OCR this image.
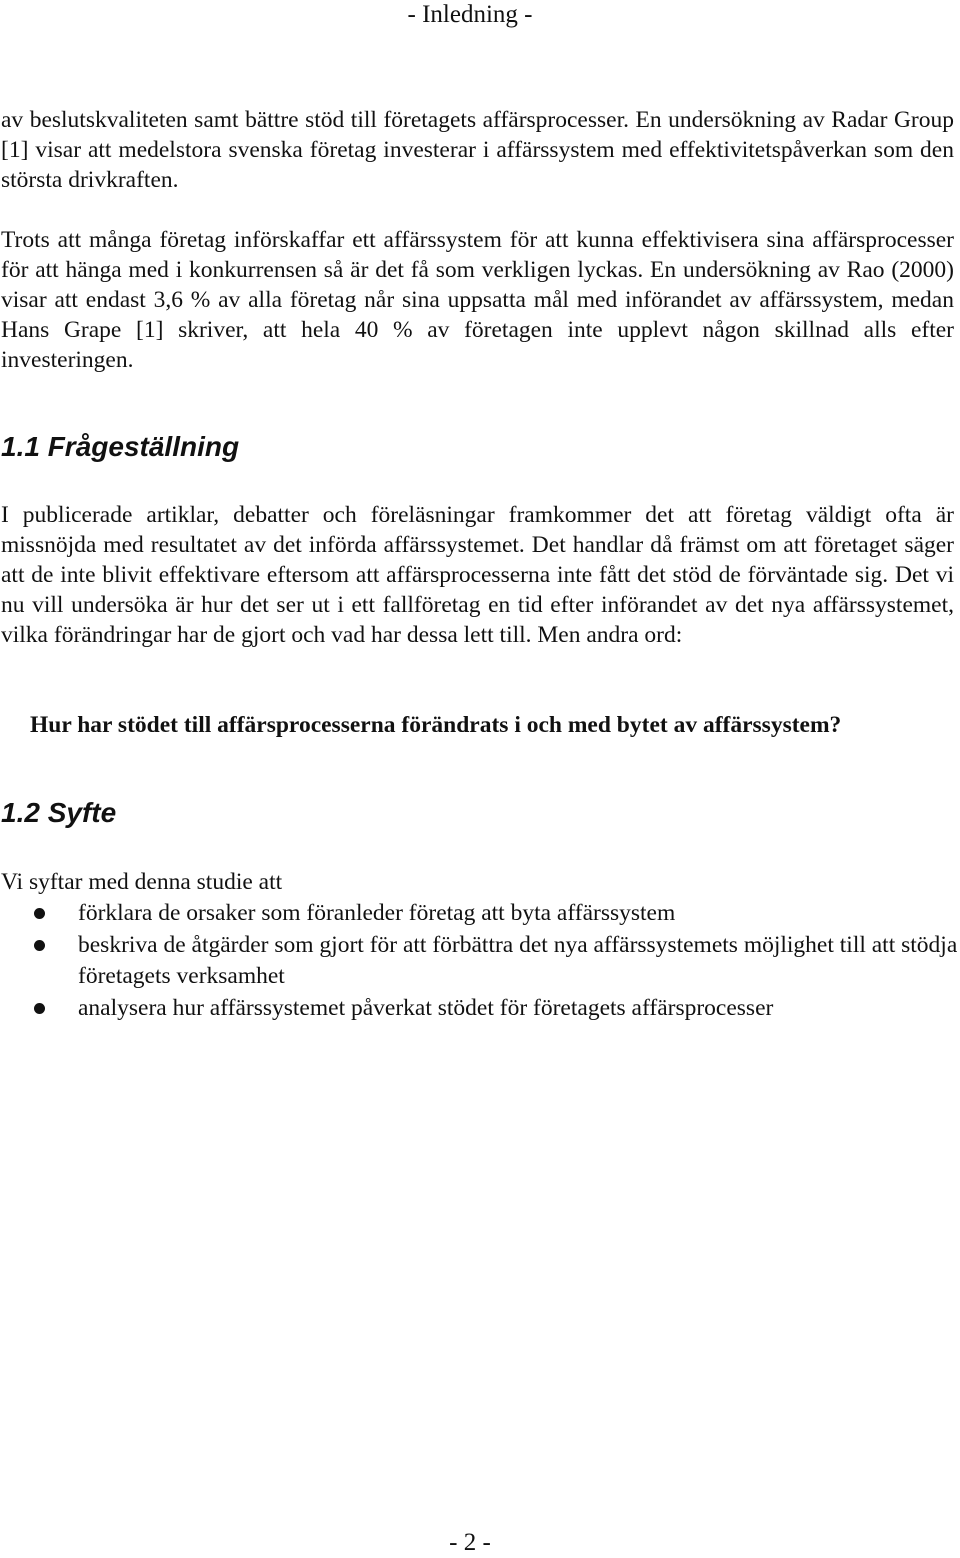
- Inledning -

av beslutskvaliteten samt bättre stöd till företagets affärsprocesser. En undersökning av Radar Group [1] visar att medelstora svenska företag investerar i affärssystem med effektivitetspåverkan som den största drivkraften.

Trots att många företag införskaffar ett affärssystem för att kunna effektivisera sina affärsprocesser för att hänga med i konkurrensen så är det få som verkligen lyckas. En undersökning av Rao (2000) visar att endast 3,6 % av alla företag når sina uppsatta mål med införandet av affärssystem, medan Hans Grape [1] skriver, att hela 40 % av företagen inte upplevt någon skillnad alls efter investeringen.

1.1 Frågeställning

I publicerade artiklar, debatter och föreläsningar framkommer det att företag väldigt ofta är missnöjda med resultatet av det införda affärssystemet. Det handlar då främst om att företaget säger att de inte blivit effektivare eftersom att affärsprocesserna inte fått det stöd de förväntade sig. Det vi nu vill undersöka är hur det ser ut i ett fallföretag en tid efter införandet av det nya affärssystemet, vilka förändringar har de gjort och vad har dessa lett till. Men andra ord:

Hur har stödet till affärsprocesserna förändrats i och med bytet av affärssystem?
1.2 Syfte
Vi syftar med denna studie att
förklara de orsaker som föranleder företag att byta affärssystem
beskriva de åtgärder som gjort för att förbättra det nya affärssystemets möjlighet till att stödja företagets verksamhet
analysera hur affärssystemet påverkat stödet för företagets affärsprocesser
- 2 -
